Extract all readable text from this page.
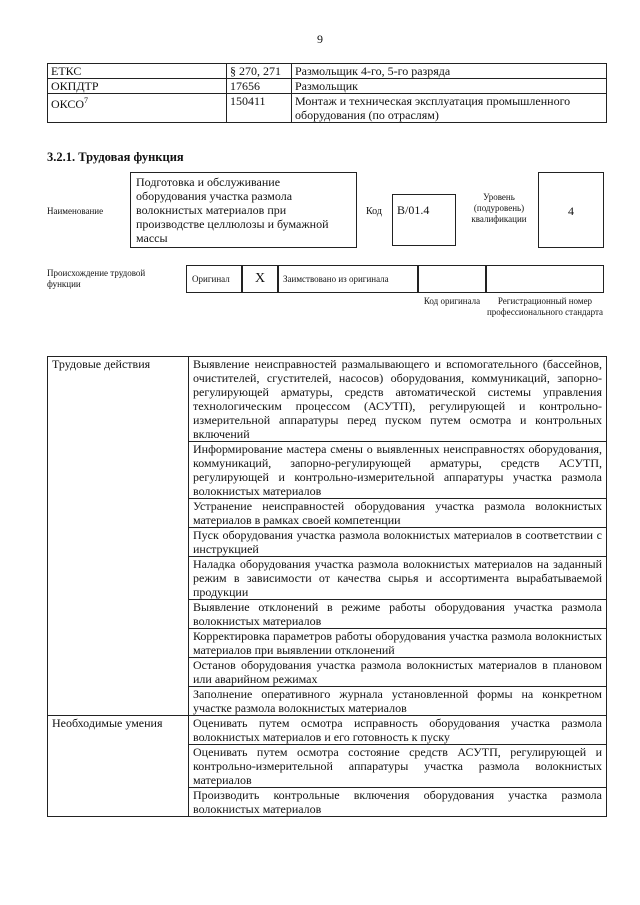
9
ЕТКС	§ 270, 271	Размольщик 4-го, 5-го разряда
ОКПДТР	17656	Размольщик
ОКСО$^7$	150411	Монтаж и техническая эксплуатация промышленного оборудования (по отраслям)
3.2.1. Трудовая функция
Наименование
Подготовка и обслуживание оборудования участка размола волокнистых материалов при производстве целлюлозы и бумажной массы
Код	В/01.4
Уровень (подуровень) квалификации
4
Происхождение трудовой функции	Оригинал	X	Заимствовано из оригинала
Код оригинала	Регистрационный номер профессионального стандарта
Трудовые действия	Выявление неисправностей размалывающего и вспомогательного (бассейнов, очистителей, сгустителей, насосов) оборудования, коммуникаций, запорно-регулирующей арматуры, средств автоматической системы управления технологическим процессом (АСУТП), регулирующей и контрольно-измерительной аппаратуры перед пуском путем осмотра и контрольных включений
	Информирование мастера смены о выявленных неисправностях оборудования, коммуникаций, запорно-регулирующей арматуры, средств АСУТП, регулирующей и контрольно-измерительной аппаратуры участка размола волокнистых материалов
	Устранение неисправностей оборудования участка размола волокнистых материалов в рамках своей компетенции
	Пуск оборудования участка размола волокнистых материалов в соответствии с инструкцией
	Наладка оборудования участка размола волокнистых материалов на заданный режим в зависимости от качества сырья и ассортимента вырабатываемой продукции
	Выявление отклонений в режиме работы оборудования участка размола волокнистых материалов
	Корректировка параметров работы оборудования участка размола волокнистых материалов при выявлении отклонений
	Останов оборудования участка размола волокнистых материалов в плановом или аварийном режимах
	Заполнение оперативного журнала установленной формы на конкретном участке размола волокнистых материалов
Необходимые умения	Оценивать путем осмотра исправность оборудования участка размола волокнистых материалов и его готовность к пуску
	Оценивать путем осмотра состояние средств АСУТП, регулирующей и контрольно-измерительной аппаратуры участка размола волокнистых материалов
	Производить контрольные включения оборудования участка размола волокнистых материалов
